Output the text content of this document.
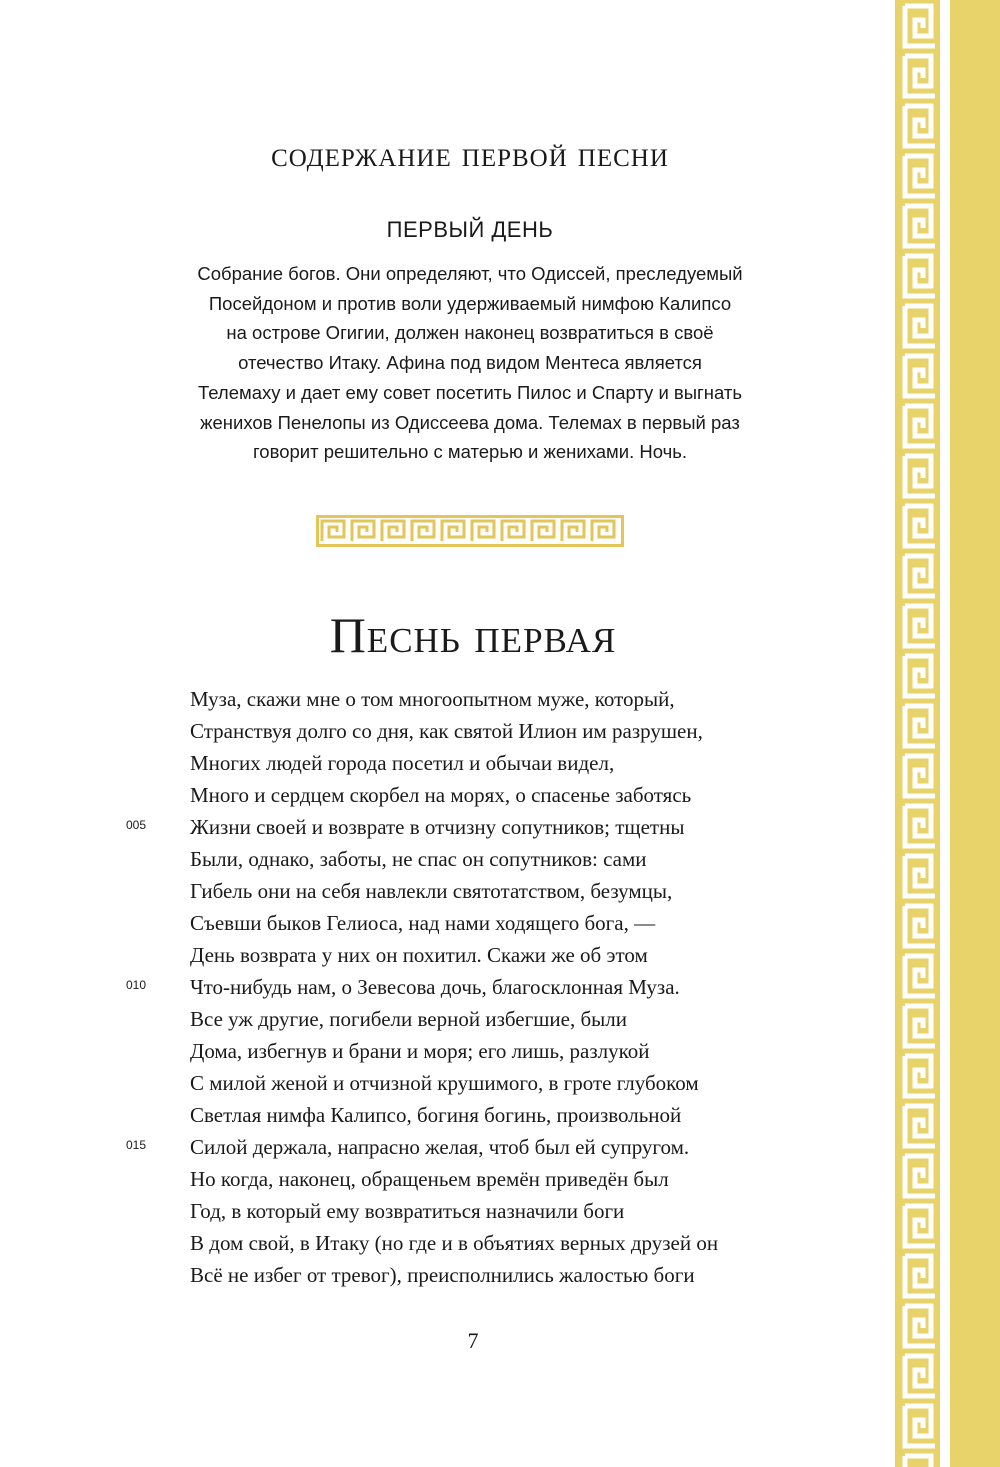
содержание первой песни
ПЕРВЫЙ ДЕНЬ
Собрание богов. Они определяют, что Одиссей, преследуемый
Посейдоном и против воли удерживаемый нимфою Калипсо
на острове Огигии, должен наконец возвратиться в своё
отечество Итаку. Афина под видом Ментеса является
Телемаху и дает ему совет посетить Пилос и Спарту и выгнать
женихов Пенелопы из Одиссеева дома. Телемах в первый раз
говорит решительно с матерью и женихами. Ночь.
Песнь первая
Муза, скажи мне о том многоопытном муже, который,
Странствуя долго со дня, как святой Илион им разрушен,
Многих людей города посетил и обычаи видел,
Много и сердцем скорбел на морях, о спасенье заботясь
Жизни своей и возврате в отчизну сопутников; тщетны
Были, однако, заботы, не спас он сопутников: сами
Гибель они на себя навлекли святотатством, безумцы,
Съевши быков Гелиоса, над нами ходящего бога, —
День возврата у них он похитил. Скажи же об этом
Что-нибудь нам, о Зевесова дочь, благосклонная Муза.
Все уж другие, погибели верной избегшие, были
Дома, избегнув и брани и моря; его лишь, разлукой
С милой женой и отчизной крушимого, в гроте глубоком
Светлая нимфа Калипсо, богиня богинь, произвольной
Силой держала, напрасно желая, чтоб был ей супругом.
Но когда, наконец, обращеньем времён приведён был
Год, в который ему возвратиться назначили боги
В дом свой, в Итаку (но где и в объятиях верных друзей он
Всё не избег от тревог), преисполнились жалостью боги
005
010
015
7
